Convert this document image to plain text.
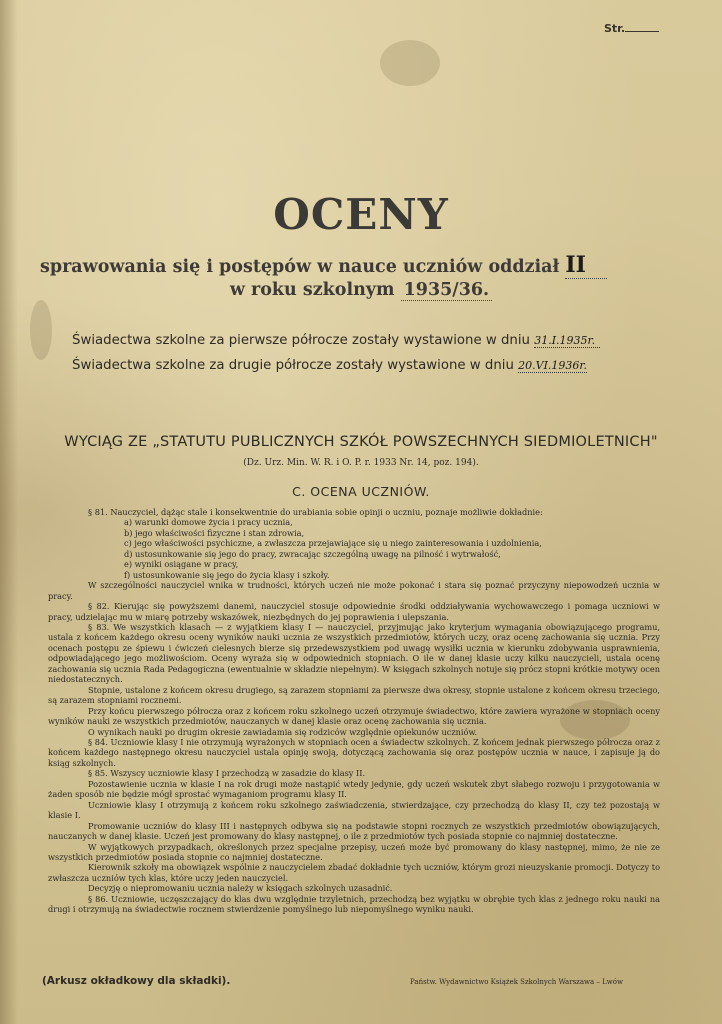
Str.
OCENY
sprawowania się i postępów w nauce uczniów oddział II
w roku szkolnym 1935/36.
Świadectwa szkolne za pierwsze półrocze zostały wystawione w dniu 31.I.1935r.
Świadectwa szkolne za drugie półrocze zostały wystawione w dniu 20.VI.1936r.
WYCIĄG ZE „STATUTU PUBLICZNYCH SZKÓŁ POWSZECHNYCH SIEDMIOLETNICH"
(Dz. Urz. Min. W. R. i O. P. r. 1933 Nr. 14, poz. 194).
C. OCENA UCZNIÓW.

§ 81. Nauczyciel, dążąc stale i konsekwentnie do urabiania sobie opinji o uczniu, poznaje możliwie dokładnie:

a) warunki domowe życia i pracy ucznia,
b) jego właściwości fizyczne i stan zdrowia,
c) jego właściwości psychiczne, a zwłaszcza przejawiające się u niego zainteresowania i uzdolnienia,
d) ustosunkowanie się jego do pracy, zwracając szczególną uwagę na pilność i wytrwałość,
e) wyniki osiągane w pracy,
f) ustosunkowanie się jego do życia klasy i szkoły.

W szczególności nauczyciel wnika w trudności, których uczeń nie może pokonać i stara się poznać przyczyny niepowodzeń ucznia w pracy.

§ 82. Kierując się powyższemi danemi, nauczyciel stosuje odpowiednie środki oddziaływania wychowawczego i pomaga uczniowi w pracy, udzielając mu w miarę potrzeby wskazówek, niezbędnych do jej poprawienia i ulepszania.

§ 83. We wszystkich klasach — z wyjątkiem klasy I — nauczyciel, przyjmując jako kryterjum wymagania obowiązującego programu, ustala z końcem każdego okresu oceny wyników nauki ucznia ze wszystkich przedmiotów, których uczy, oraz ocenę zachowania się ucznia. Przy ocenach postępu ze śpiewu i ćwiczeń cielesnych bierze się przedewszystkiem pod uwagę wysiłki ucznia w kierunku zdobywania usprawnienia, odpowiadającego jego możliwościom. Oceny wyraża się w odpowiednich stopniach. O ile w danej klasie uczy kilku nauczycieli, ustala ocenę zachowania się ucznia Rada Pedagogiczna (ewentualnie w składzie niepełnym). W księgach szkolnych notuje się prócz stopni krótkie motywy ocen niedostatecznych.

Stopnie, ustalone z końcem okresu drugiego, są zarazem stopniami za pierwsze dwa okresy, stopnie ustalone z końcem okresu trzeciego, są zarazem stopniami rocznemi.

Przy końcu pierwszego półrocza oraz z końcem roku szkolnego uczeń otrzymuje świadectwo, które zawiera wyrażone w stopniach oceny wyników nauki ze wszystkich przedmiotów, nauczanych w danej klasie oraz ocenę zachowania się ucznia.

O wynikach nauki po drugim okresie zawiadamia się rodziców względnie opiekunów uczniów.

§ 84. Uczniowie klasy I nie otrzymują wyrażonych w stopniach ocen a świadectw szkolnych. Z końcem jednak pierwszego półrocza oraz z końcem każdego następnego okresu nauczyciel ustala opinję swoją, dotyczącą zachowania się oraz postępów ucznia w nauce, i zapisuje ją do ksiąg szkolnych.

§ 85. Wszyscy uczniowie klasy I przechodzą w zasadzie do klasy II.

Pozostawienie ucznia w klasie I na rok drugi może nastąpić wtedy jedynie, gdy uczeń wskutek zbyt słabego rozwoju i przygotowania w żaden sposób nie będzie mógł sprostać wymaganiom programu klasy II.

Uczniowie klasy I otrzymują z końcem roku szkolnego zaświadczenia, stwierdzające, czy przechodzą do klasy II, czy też pozostają w klasie I.

Promowanie uczniów do klasy III i następnych odbywa się na podstawie stopni rocznych ze wszystkich przedmiotów obowiązujących, nauczanych w danej klasie. Uczeń jest promowany do klasy następnej, o ile z przedmiotów tych posiada stopnie co najmniej dostateczne.

W wyjątkowych przypadkach, określonych przez specjalne przepisy, uczeń może być promowany do klasy następnej, mimo, że nie ze wszystkich przedmiotów posiada stopnie co najmniej dostateczne.

Kierownik szkoły ma obowiązek wspólnie z nauczycielem zbadać dokładnie tych uczniów, którym grozi nieuzyskanie promocji. Dotyczy to zwłaszcza uczniów tych klas, które uczy jeden nauczyciel.

Decyzję o niepromowaniu ucznia należy w księgach szkolnych uzasadnić.

§ 86. Uczniowie, uczęszczający do klas dwu względnie trzyletnich, przechodzą bez wyjątku w obrębie tych klas z jednego roku nauki na drugi i otrzymują na świadectwie rocznem stwierdzenie pomyślnego lub niepomyślnego wyniku nauki.

(Arkusz okładkowy dla składki).	Państw. Wydawnictwo Książek Szkolnych Warszawa – Lwów
